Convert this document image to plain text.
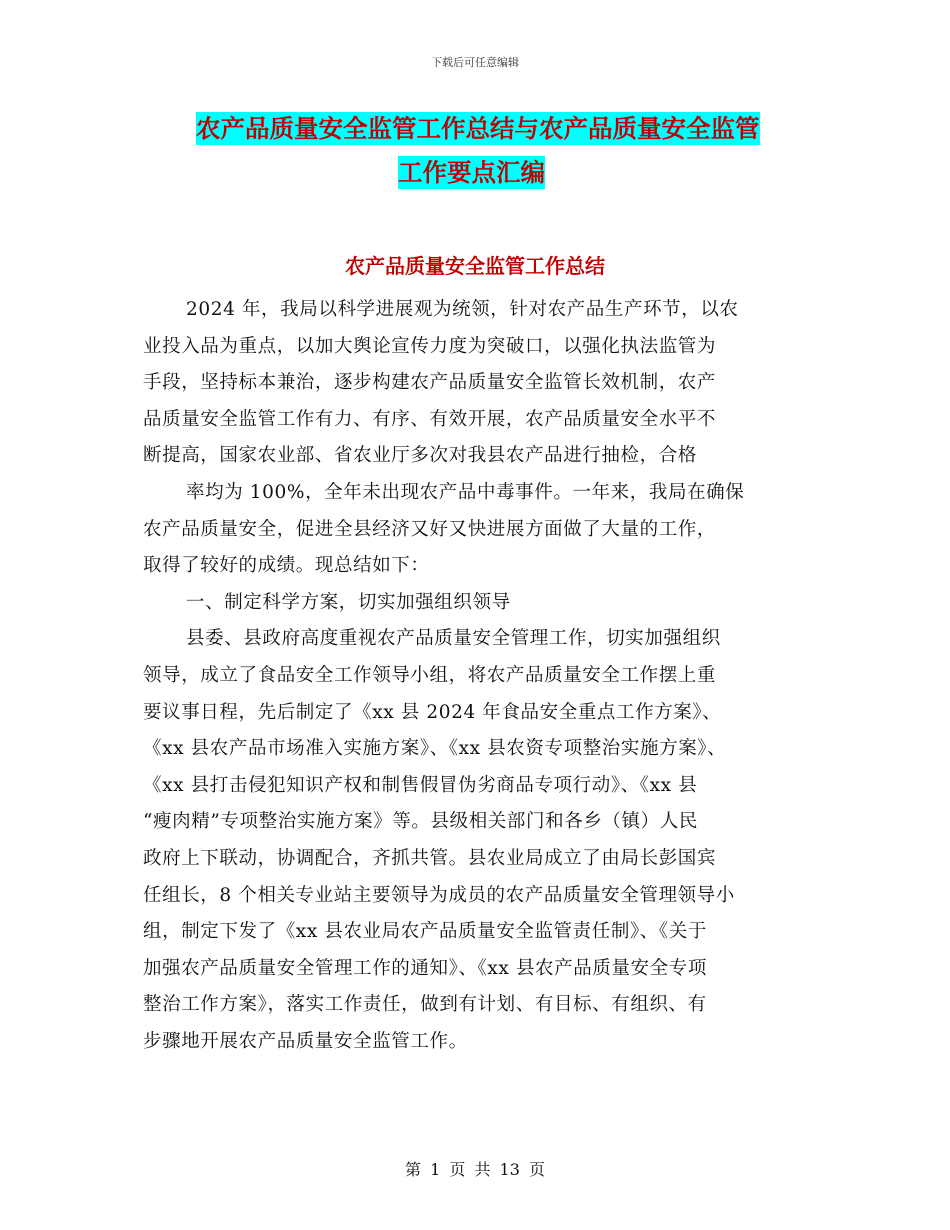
下载后可任意编辑
农产品质量安全监管工作总结与农产品质量安全监管
工作要点汇编
农产品质量安全监管工作总结
2024 年，我局以科学进展观为统领，针对农产品生产环节，以农
业投入品为重点，以加大舆论宣传力度为突破口，以强化执法监管为
手段，坚持标本兼治，逐步构建农产品质量安全监管长效机制，农产
品质量安全监管工作有力、有序、有效开展，农产品质量安全水平不
断提高，国家农业部、省农业厅多次对我县农产品进行抽检，合格
率均为 100%，全年未出现农产品中毒事件。一年来，我局在确保
农产品质量安全，促进全县经济又好又快进展方面做了大量的工作，
取得了较好的成绩。现总结如下：
一、制定科学方案，切实加强组织领导
县委、县政府高度重视农产品质量安全管理工作，切实加强组织
领导，成立了食品安全工作领导小组，将农产品质量安全工作摆上重
要议事日程，先后制定了《xx 县 2024 年食品安全重点工作方案》、
《xx 县农产品市场准入实施方案》、《xx 县农资专项整治实施方案》、
《xx 县打击侵犯知识产权和制售假冒伪劣商品专项行动》、《xx 县
“瘦肉精”专项整治实施方案》等。县级相关部门和各乡（镇）人民
政府上下联动，协调配合，齐抓共管。县农业局成立了由局长彭国宾
任组长，8 个相关专业站主要领导为成员的农产品质量安全管理领导小
组，制定下发了《xx 县农业局农产品质量安全监管责任制》、《关于
加强农产品质量安全管理工作的通知》、《xx 县农产品质量安全专项
整治工作方案》，落实工作责任，做到有计划、有目标、有组织、有
步骤地开展农产品质量安全监管工作。
第 1 页 共 13 页
